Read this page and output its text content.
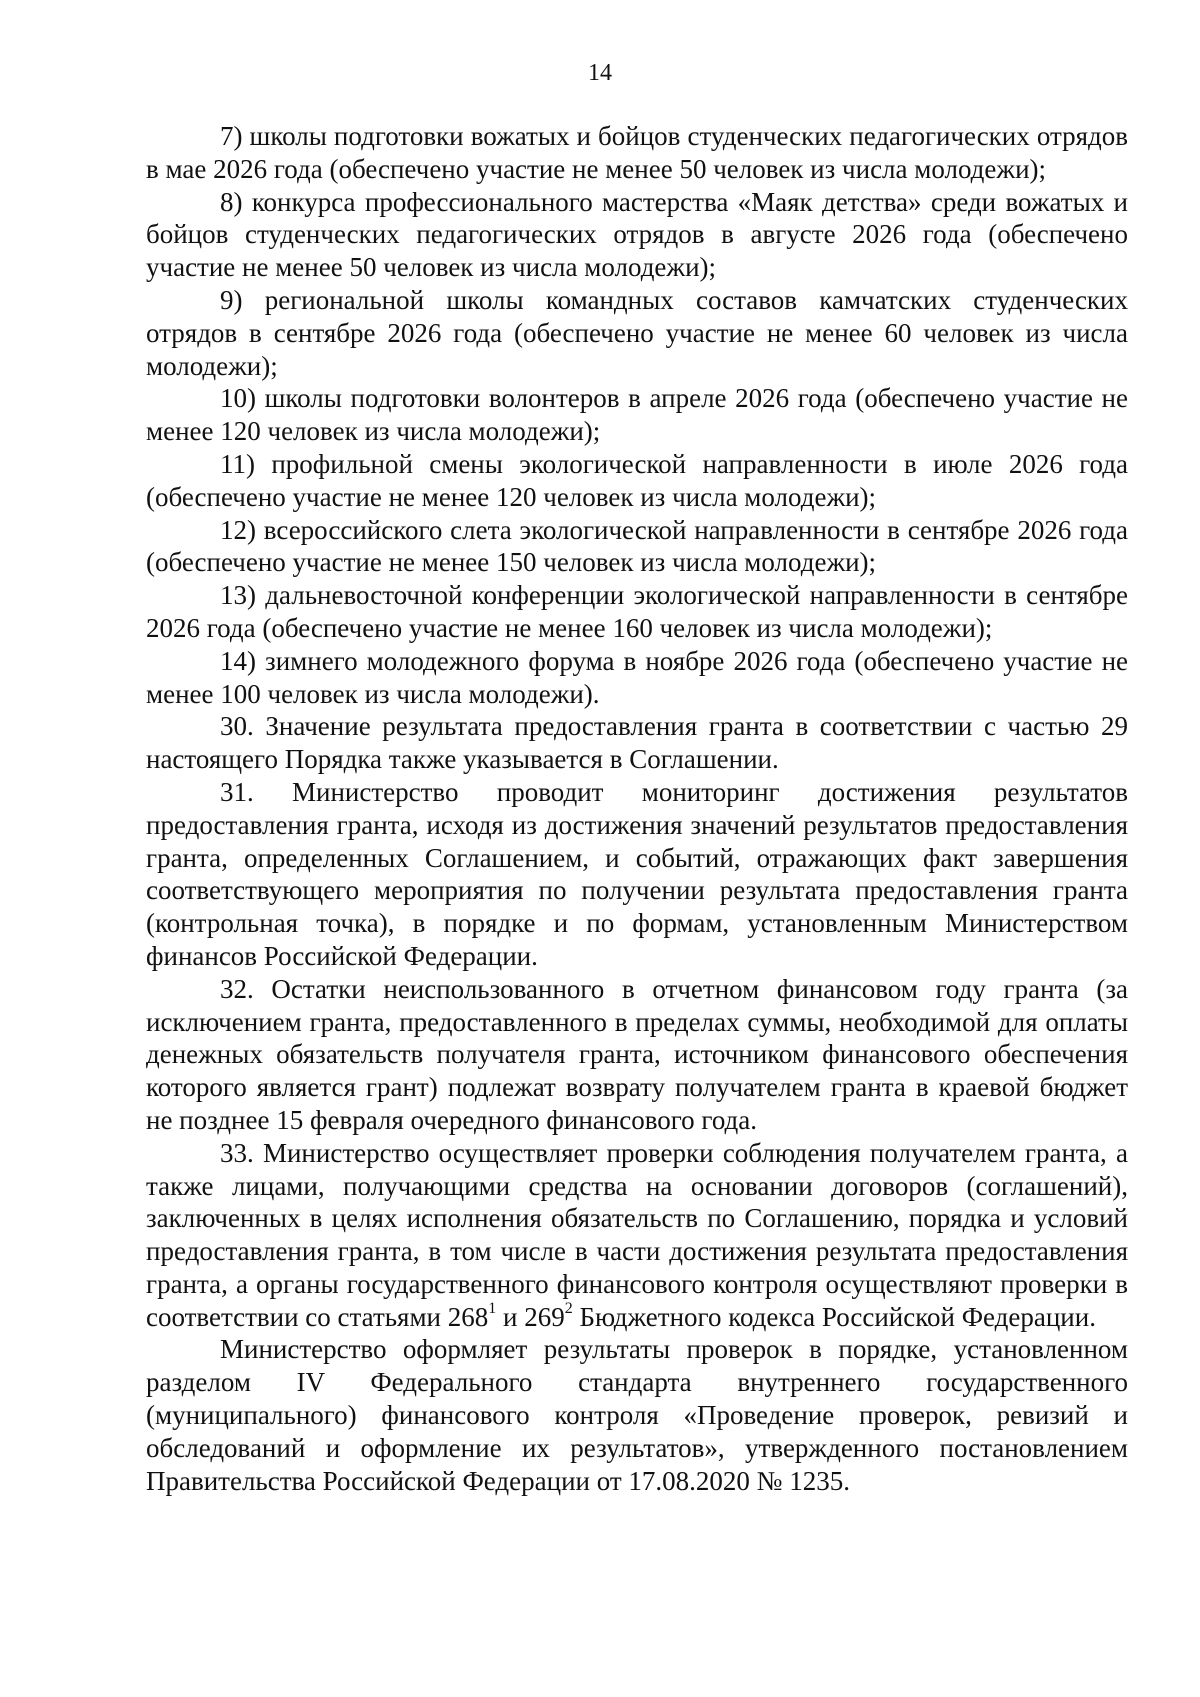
14

7) школы подготовки вожатых и бойцов студенческих педагогических отрядов в мае 2026 года (обеспечено участие не менее 50 человек из числа молодежи);

8) конкурса профессионального мастерства «Маяк детства» среди вожатых и бойцов студенческих педагогических отрядов в августе 2026 года (обеспечено участие не менее 50 человек из числа молодежи);

9) региональной школы командных составов камчатских студенческих отрядов в сентябре 2026 года (обеспечено участие не менее 60 человек из числа молодежи);

10) школы подготовки волонтеров в апреле 2026 года (обеспечено участие не менее 120 человек из числа молодежи);

11) профильной смены экологической направленности в июле 2026 года (обеспечено участие не менее 120 человек из числа молодежи);

12) всероссийского слета экологической направленности в сентябре 2026 года (обеспечено участие не менее 150 человек из числа молодежи);

13) дальневосточной конференции экологической направленности в сентябре 2026 года (обеспечено участие не менее 160 человек из числа молодежи);

14) зимнего молодежного форума в ноябре 2026 года (обеспечено участие не менее 100 человек из числа молодежи).

30. Значение результата предоставления гранта в соответствии с частью 29 настоящего Порядка также указывается в Соглашении.

31. Министерство проводит мониторинг достижения результатов предоставления гранта, исходя из достижения значений результатов предоставления гранта, определенных Соглашением, и событий, отражающих факт завершения соответствующего мероприятия по получении результата предоставления гранта (контрольная точка), в порядке и по формам, установленным Министерством финансов Российской Федерации.

32. Остатки неиспользованного в отчетном финансовом году гранта (за исключением гранта, предоставленного в пределах суммы, необходимой для оплаты денежных обязательств получателя гранта, источником финансового обеспечения которого является грант) подлежат возврату получателем гранта в краевой бюджет не позднее 15 февраля очередного финансового года.

33. Министерство осуществляет проверки соблюдения получателем гранта, а также лицами, получающими средства на основании договоров (соглашений), заключенных в целях исполнения обязательств по Соглашению, порядка и условий предоставления гранта, в том числе в части достижения результата предоставления гранта, а органы государственного финансового контроля осуществляют проверки в соответствии со статьями $268^1$ и $269^2$ Бюджетного кодекса Российской Федерации.

Министерство оформляет результаты проверок в порядке, установленном разделом IV Федерального стандарта внутреннего государственного (муниципального) финансового контроля «Проведение проверок, ревизий и обследований и оформление их результатов», утвержденного постановлением Правительства Российской Федерации от 17.08.2020 № 1235.
